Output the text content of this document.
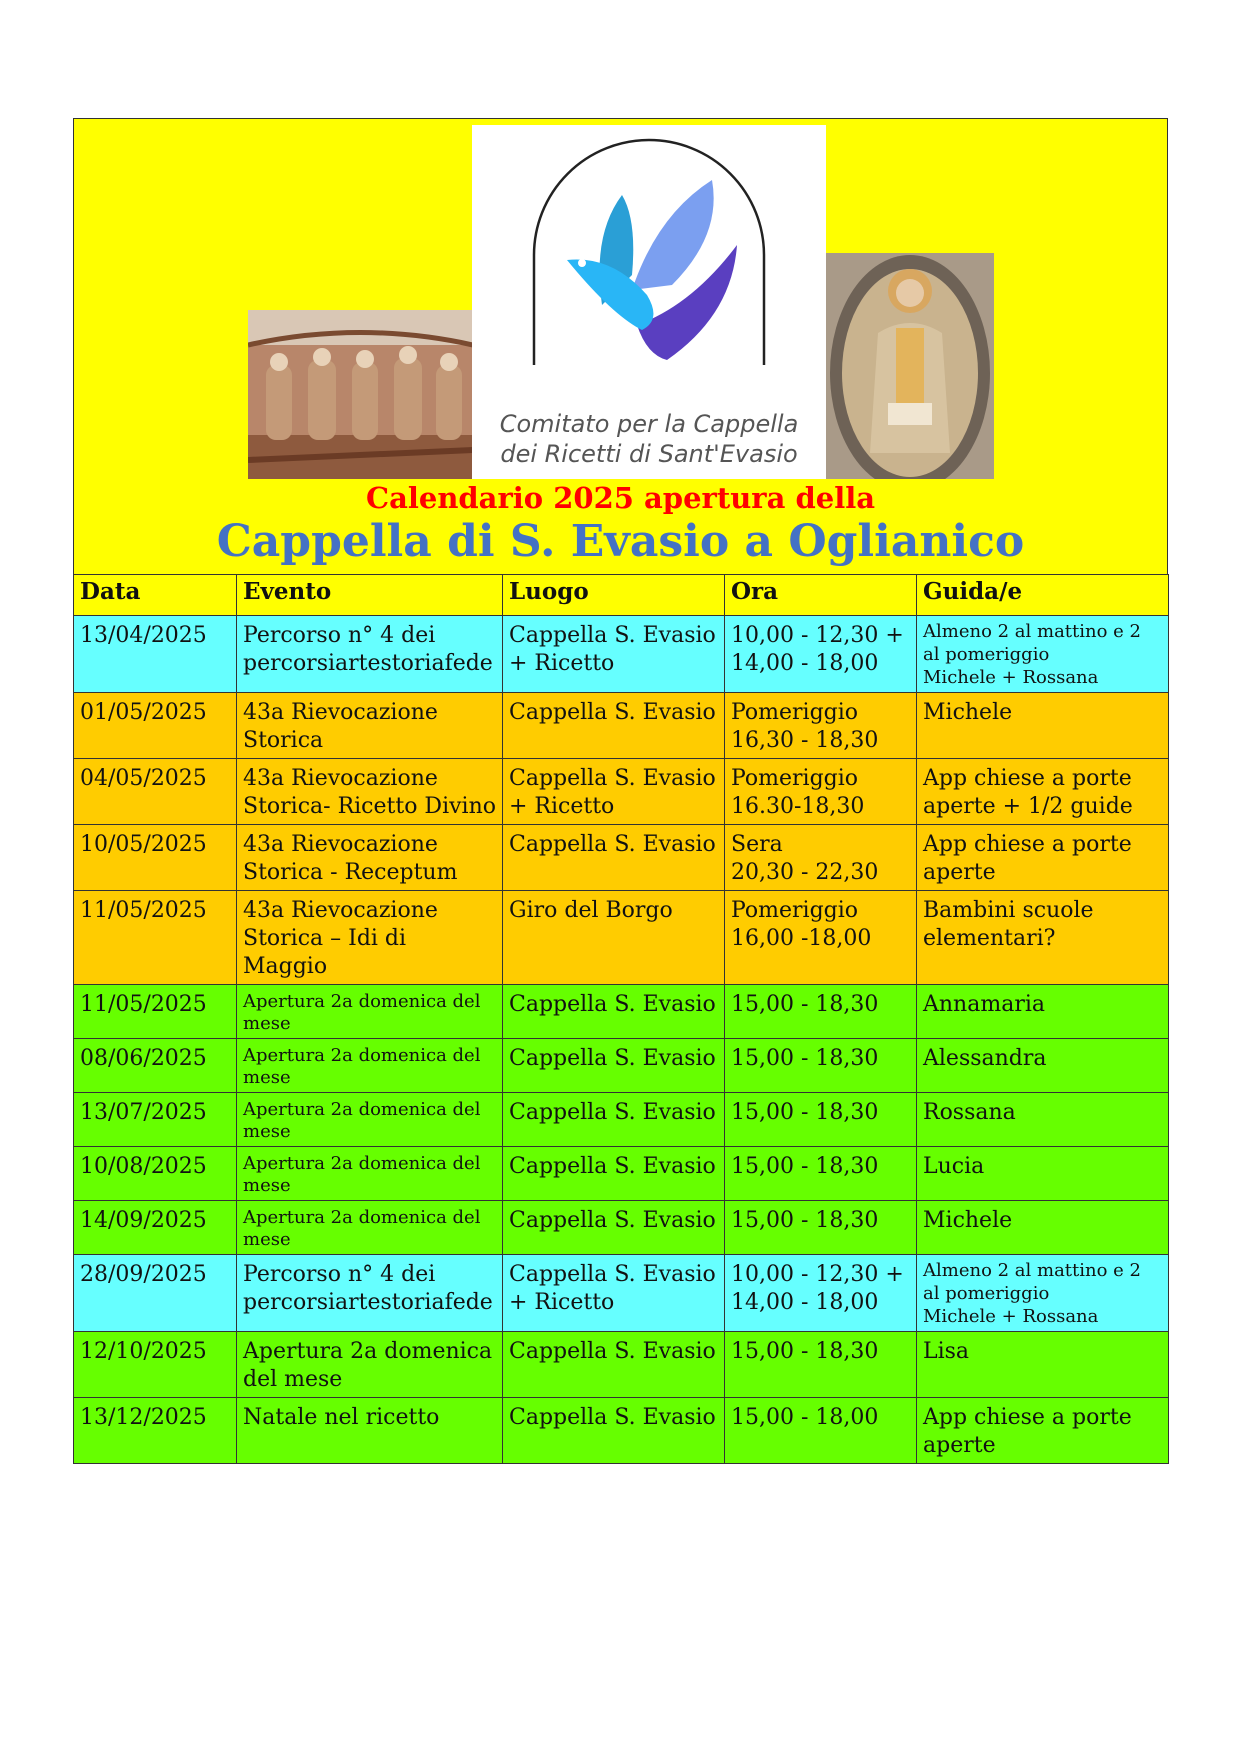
Comitato per la Cappella
dei Ricetti di Sant'Evasio
Calendario 2025 apertura della
Cappella di S. Evasio a Oglianico
Data	Evento	Luogo	Ora	Guida/e
13/04/2025	Percorso n° 4 dei percorsiartestoriafede	Cappella S. Evasio + Ricetto	10,00 - 12,30 + 14,00 - 18,00	Almeno 2 al mattino e 2 al pomeriggio
Michele + Rossana
01/05/2025	43a Rievocazione Storica	Cappella S. Evasio	Pomeriggio
16,30 - 18,30	Michele
04/05/2025	43a Rievocazione Storica- Ricetto Divino	Cappella S. Evasio + Ricetto	Pomeriggio
16.30-18,30	App chiese a porte aperte + 1/2 guide
10/05/2025	43a Rievocazione Storica - Receptum	Cappella S. Evasio	Sera
20,30 - 22,30	App chiese a porte aperte
11/05/2025	43a Rievocazione Storica – Idi di Maggio	Giro del Borgo	Pomeriggio
16,00 -18,00	Bambini scuole elementari?
11/05/2025	Apertura 2a domenica del mese	Cappella S. Evasio	15,00 - 18,30	Annamaria
08/06/2025	Apertura 2a domenica del mese	Cappella S. Evasio	15,00 - 18,30	Alessandra
13/07/2025	Apertura 2a domenica del mese	Cappella S. Evasio	15,00 - 18,30	Rossana
10/08/2025	Apertura 2a domenica del mese	Cappella S. Evasio	15,00 - 18,30	Lucia
14/09/2025	Apertura 2a domenica del mese	Cappella S. Evasio	15,00 - 18,30	Michele
28/09/2025	Percorso n° 4 dei percorsiartestoriafede	Cappella S. Evasio + Ricetto	10,00 - 12,30 + 14,00 - 18,00	Almeno 2 al mattino e 2 al pomeriggio
Michele + Rossana
12/10/2025	Apertura 2a domenica del mese	Cappella S. Evasio	15,00 - 18,30	Lisa
13/12/2025	Natale nel ricetto	Cappella S. Evasio	15,00 - 18,00	App chiese a porte aperte
